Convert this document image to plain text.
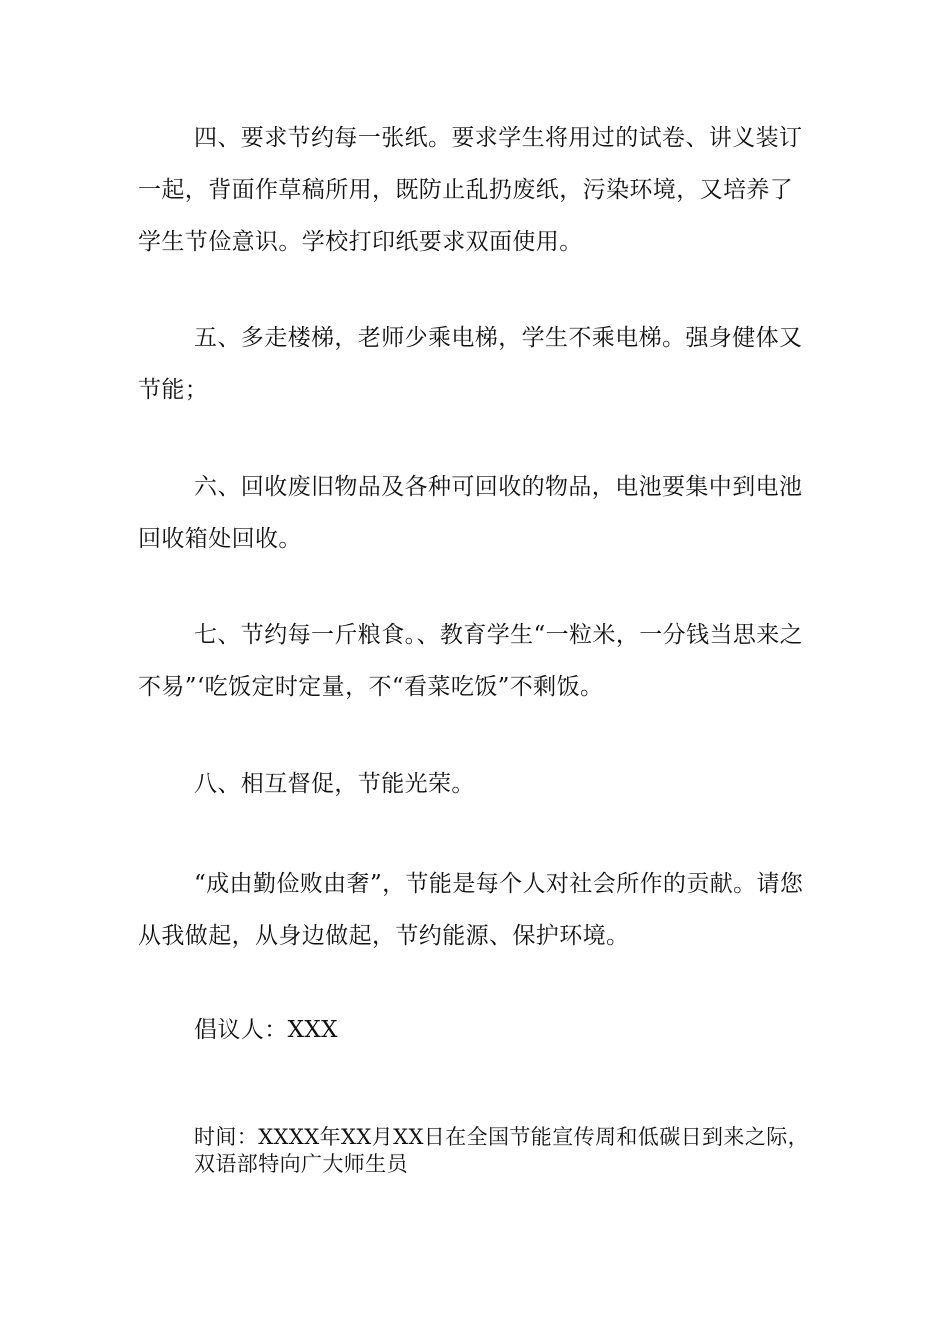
四、要求节约每一张纸。要求学生将用过的试卷、讲义装订一起，背面作草稿所用，既防止乱扔废纸，污染环境，又培养了学生节俭意识。学校打印纸要求双面使用。

五、多走楼梯，老师少乘电梯，学生不乘电梯。强身健体又节能；

六、回收废旧物品及各种可回收的物品，电池要集中到电池回收箱处回收。

七、节约每一斤粮食。、教育学生“一粒米，一分钱当思来之不易”‘吃饭定时定量，不“看菜吃饭”不剩饭。

八、相互督促，节能光荣。

“成由勤俭败由奢”，节能是每个人对社会所作的贡献。请您从我做起，从身边做起，节约能源、保护环境。

倡议人：XXX

时间：XXXX年XX月XX日在全国节能宣传周和低碳日到来之际，双语部特向广大师生员
